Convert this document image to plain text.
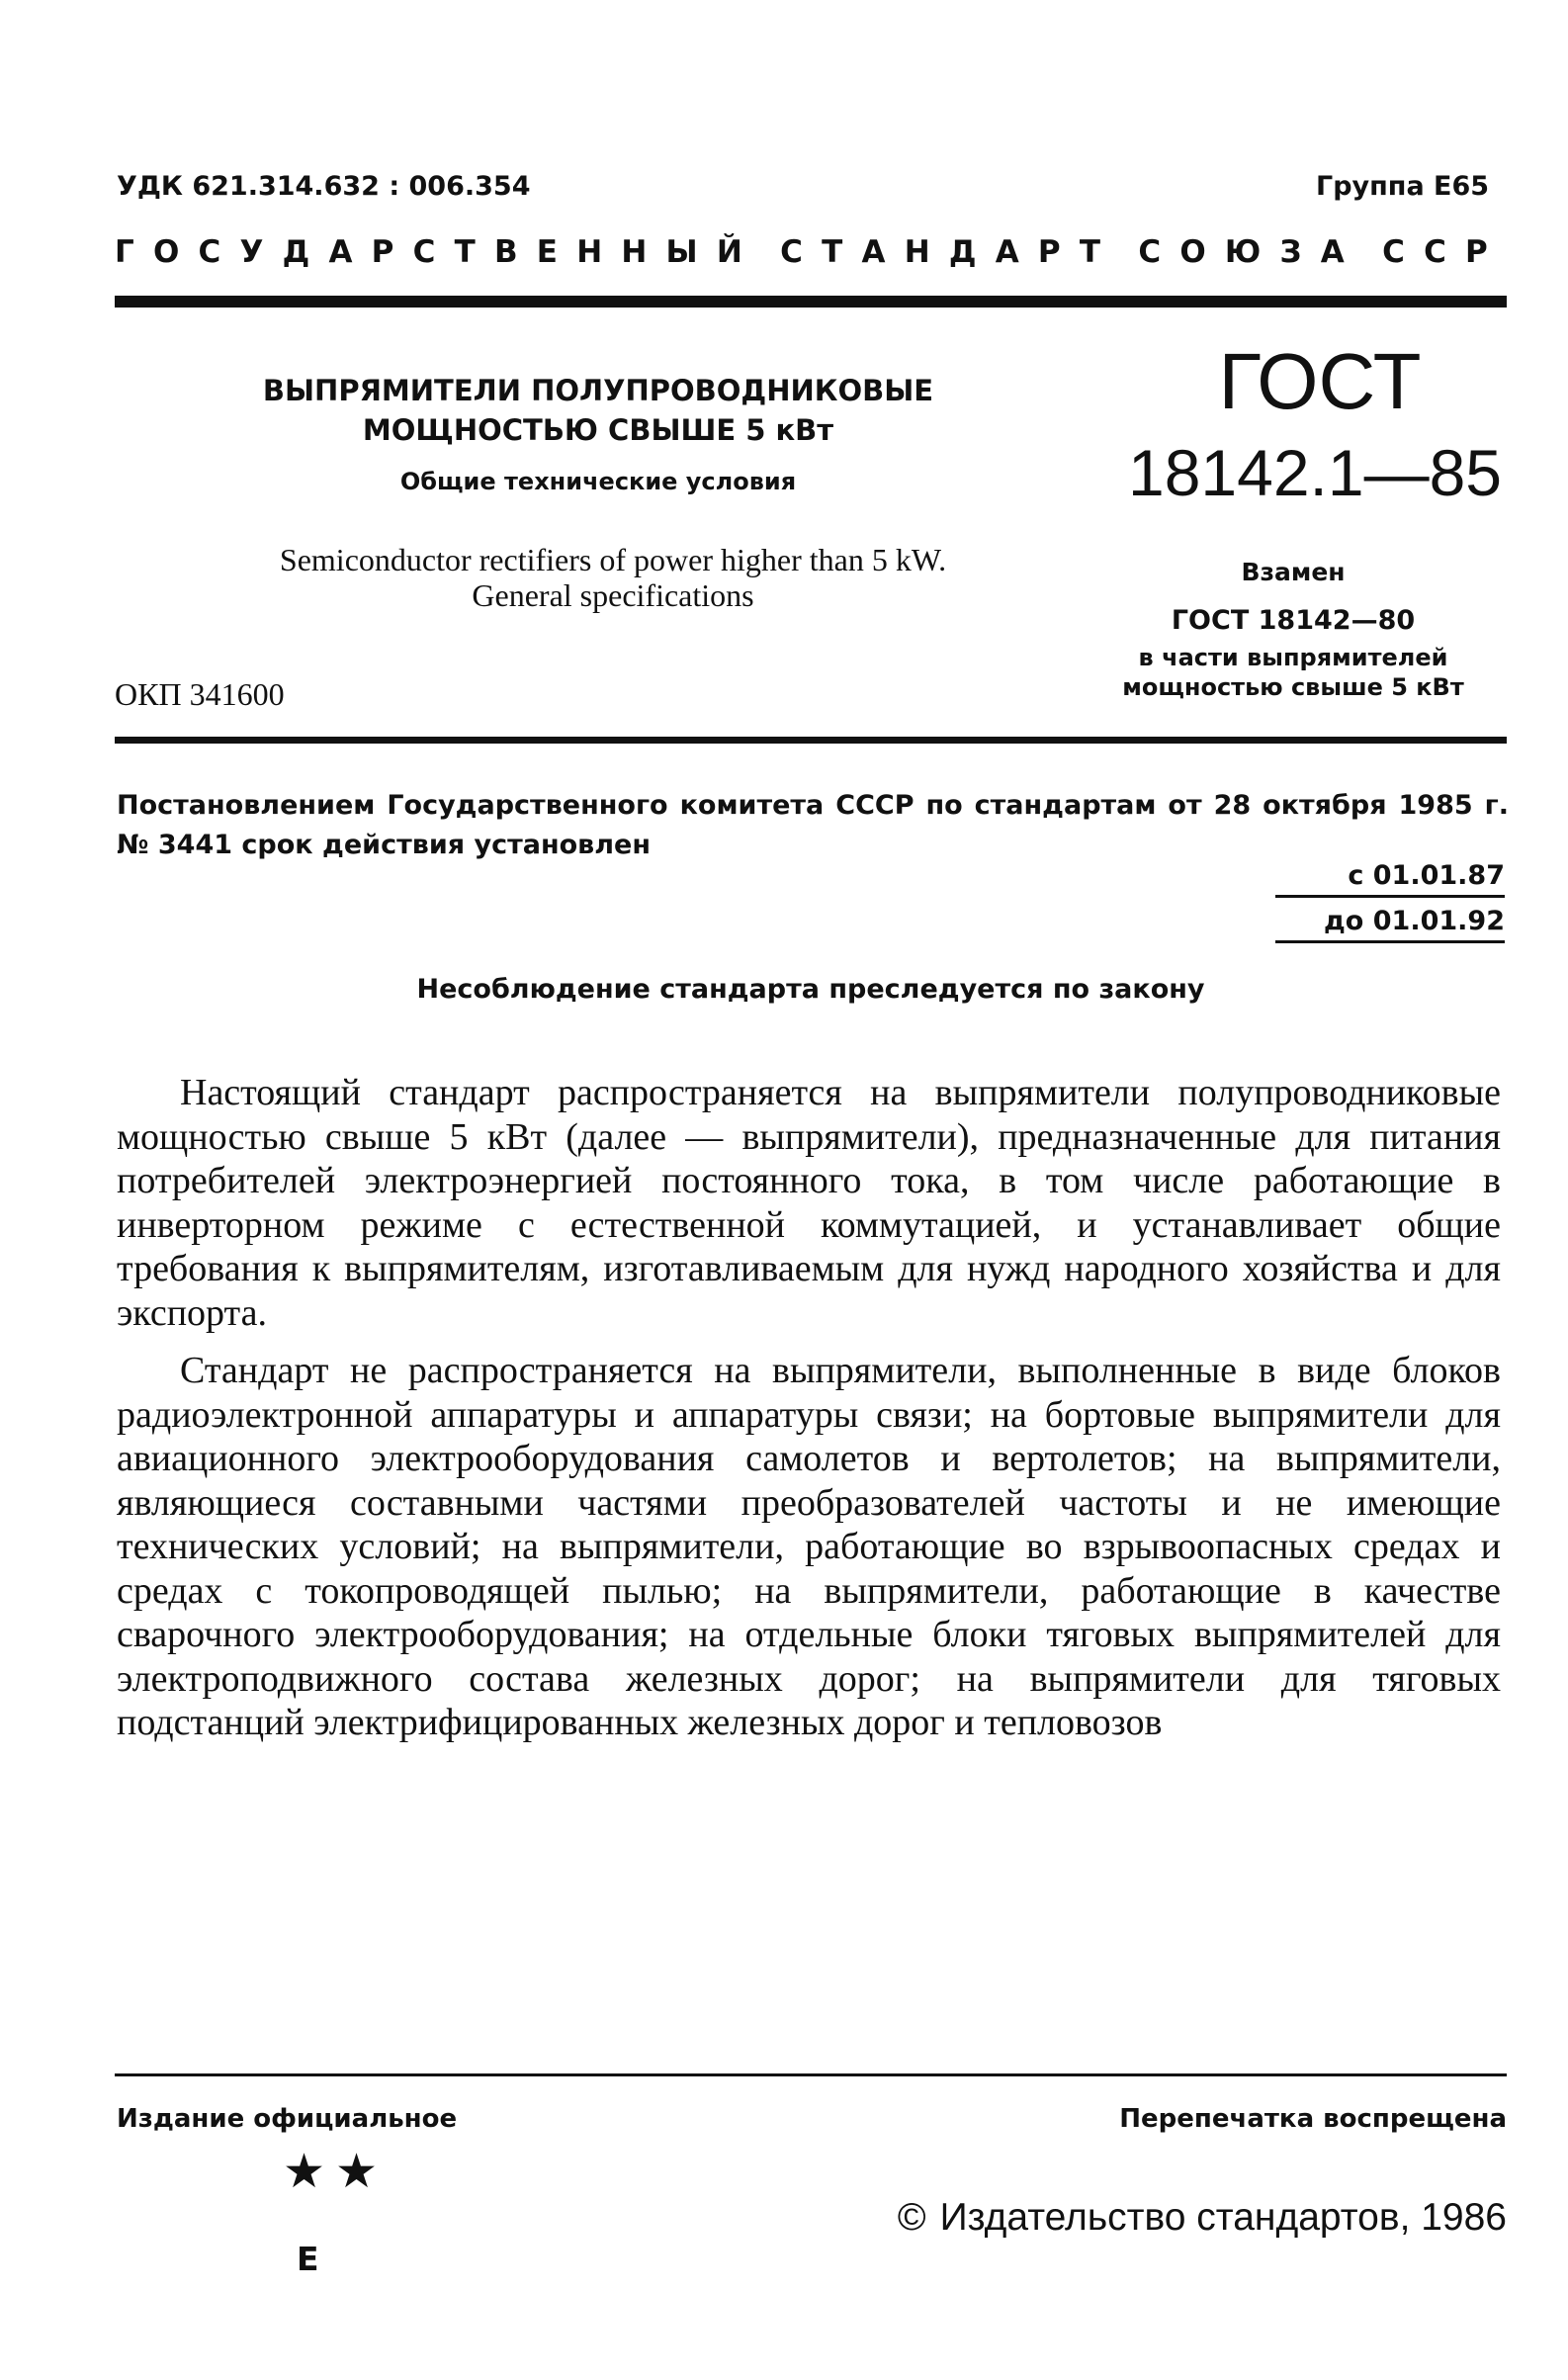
УДК 621.314.632 : 006.354	Группа Е65
ГОСУДАРСТВЕННЫЙ СТАНДАРТ СОЮЗА ССР
ВЫПРЯМИТЕЛИ ПОЛУПРОВОДНИКОВЫЕ
МОЩНОСТЬЮ СВЫШЕ 5 кВт
Общие технические условия
Semiconductor rectifiers of power higher than 5 kW.
General specifications
ОКП 341600
ГОСТ
18142.1—85
Взамен
ГОСТ 18142—80
в части выпрямителей
мощностью свыше 5 кВт
Постановлением Государственного комитета СССР по стандартам от 28 октября 1985 г. № 3441 срок действия установлен
с 01.01.87
до 01.01.92
Несоблюдение стандарта преследуется по закону

Настоящий стандарт распространяется на выпрямители полупроводниковые мощностью свыше 5 кВт (далее — выпрямители), предназначенные для питания потребителей электроэнергией постоянного тока, в том числе работающие в инверторном режиме с естественной коммутацией, и устанавливает общие требования к выпрямителям, изготавливаемым для нужд народного хозяйства и для экспорта.

Стандарт не распространяется на выпрямители, выполненные в виде блоков радиоэлектронной аппаратуры и аппаратуры связи; на бортовые выпрямители для авиационного электрооборудования самолетов и вертолетов; на выпрямители, являющиеся составными частями преобразователей частоты и не имеющие технических условий; на выпрямители, работающие во взрывоопасных средах и средах с токопроводящей пылью; на выпрямители, работающие в качестве сварочного электрооборудования; на отдельные блоки тяговых выпрямителей для электроподвижного состава железных дорог; на выпрямители для тяговых подстанций электрифицированных железных дорог и тепловозов

Издание официальное	Перепечатка воспрещена
★★
Е
© Издательство стандартов, 1986
